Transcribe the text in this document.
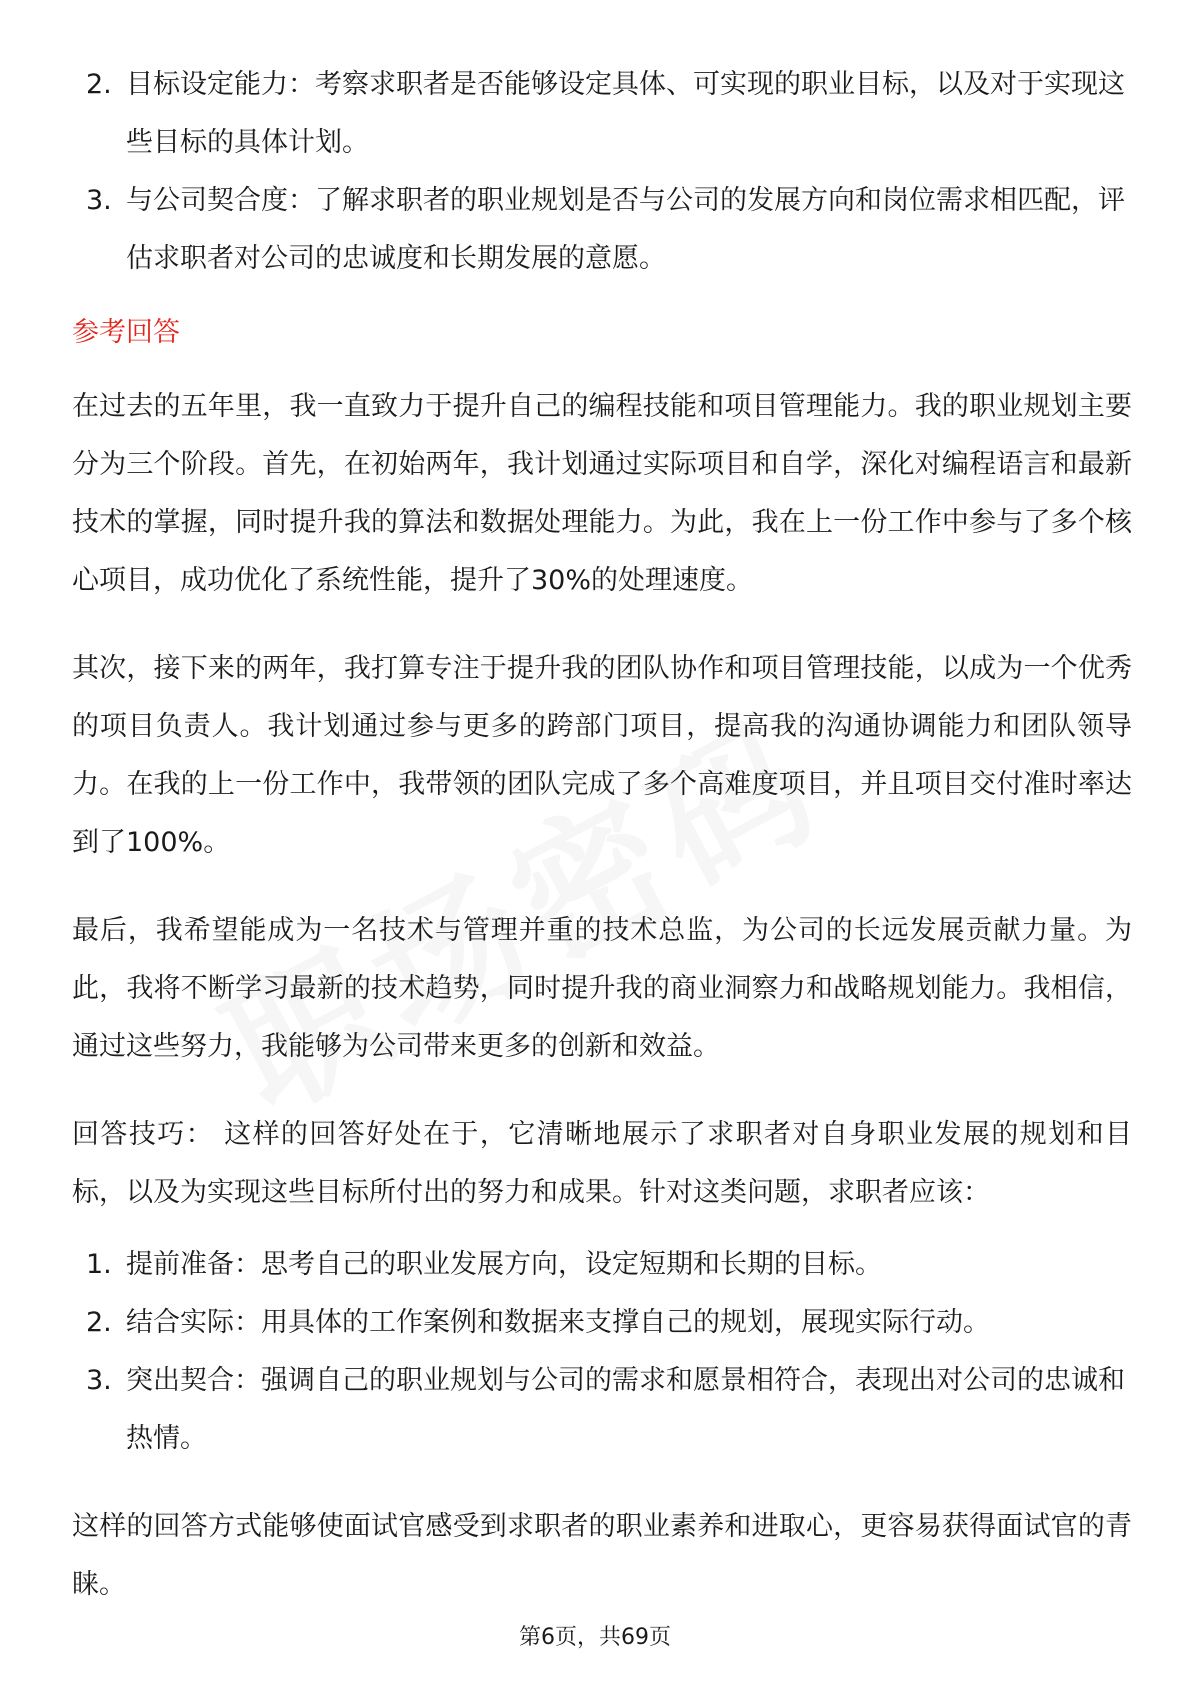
2. 目标设定能力：考察求职者是否能够设定具体、可实现的职业目标，以及对于实现这些目标的具体计划。
3. 与公司契合度：了解求职者的职业规划是否与公司的发展方向和岗位需求相匹配，评估求职者对公司的忠诚度和长期发展的意愿。
参考回答

在过去的五年里，我一直致力于提升自己的编程技能和项目管理能力。我的职业规划主要分为三个阶段。首先，在初始两年，我计划通过实际项目和自学，深化对编程语言和最新技术的掌握，同时提升我的算法和数据处理能力。为此，我在上一份工作中参与了多个核心项目，成功优化了系统性能，提升了30%的处理速度。

其次，接下来的两年，我打算专注于提升我的团队协作和项目管理技能，以成为一个优秀的项目负责人。我计划通过参与更多的跨部门项目，提高我的沟通协调能力和团队领导力。在我的上一份工作中，我带领的团队完成了多个高难度项目，并且项目交付准时率达到了100%。

最后，我希望能成为一名技术与管理并重的技术总监，为公司的长远发展贡献力量。为此，我将不断学习最新的技术趋势，同时提升我的商业洞察力和战略规划能力。我相信，通过这些努力，我能够为公司带来更多的创新和效益。

回答技巧： 这样的回答好处在于，它清晰地展示了求职者对自身职业发展的规划和目标，以及为实现这些目标所付出的努力和成果。针对这类问题，求职者应该：

1. 提前准备：思考自己的职业发展方向，设定短期和长期的目标。
2. 结合实际：用具体的工作案例和数据来支撑自己的规划，展现实际行动。
3. 突出契合：强调自己的职业规划与公司的需求和愿景相符合，表现出对公司的忠诚和热情。

这样的回答方式能够使面试官感受到求职者的职业素养和进取心，更容易获得面试官的青睐。

第6页，共69页
